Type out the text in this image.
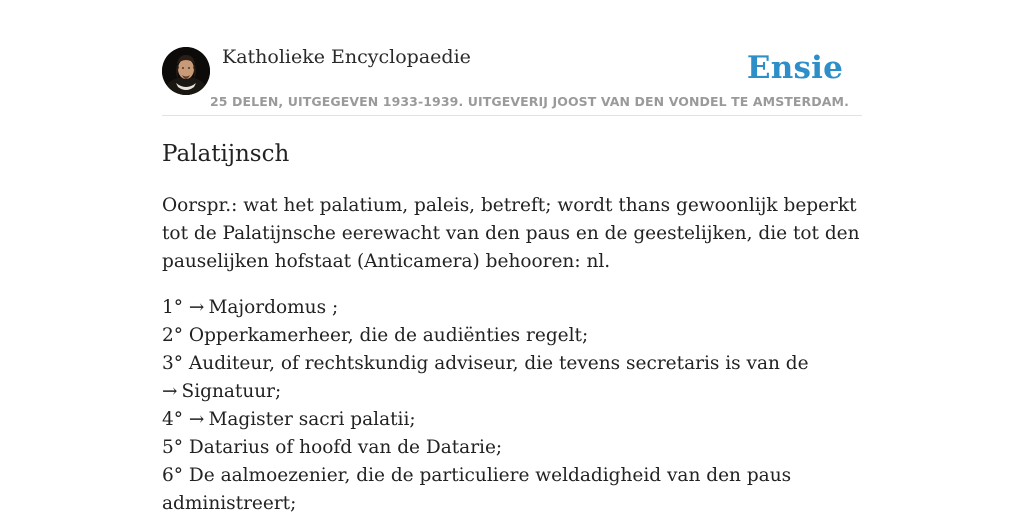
Katholieke Encyclopaedie	Ensie
25 DELEN, UITGEGEVEN 1933-1939. UITGEVERIJ JOOST VAN DEN VONDEL TE AMSTERDAM.
Palatijnsch

Oorspr.: wat het palatium, paleis, betreft; wordt thans gewoonlijk beperkt tot de Palatijnsche eerewacht van den paus en de geestelijken, die tot den pauselijken hofstaat (Anticamera) behooren: nl.

1° → Majordomus ;
2° Opperkamerheer, die de audiënties regelt;
3° Auditeur, of rechtskundig adviseur, die tevens secretaris is van de → Signatuur;
4° → Magister sacri palatii;
5° Datarius of hoofd van de Datarie;
6° De aalmoezenier, die de particuliere weldadigheid van den paus administreert;
